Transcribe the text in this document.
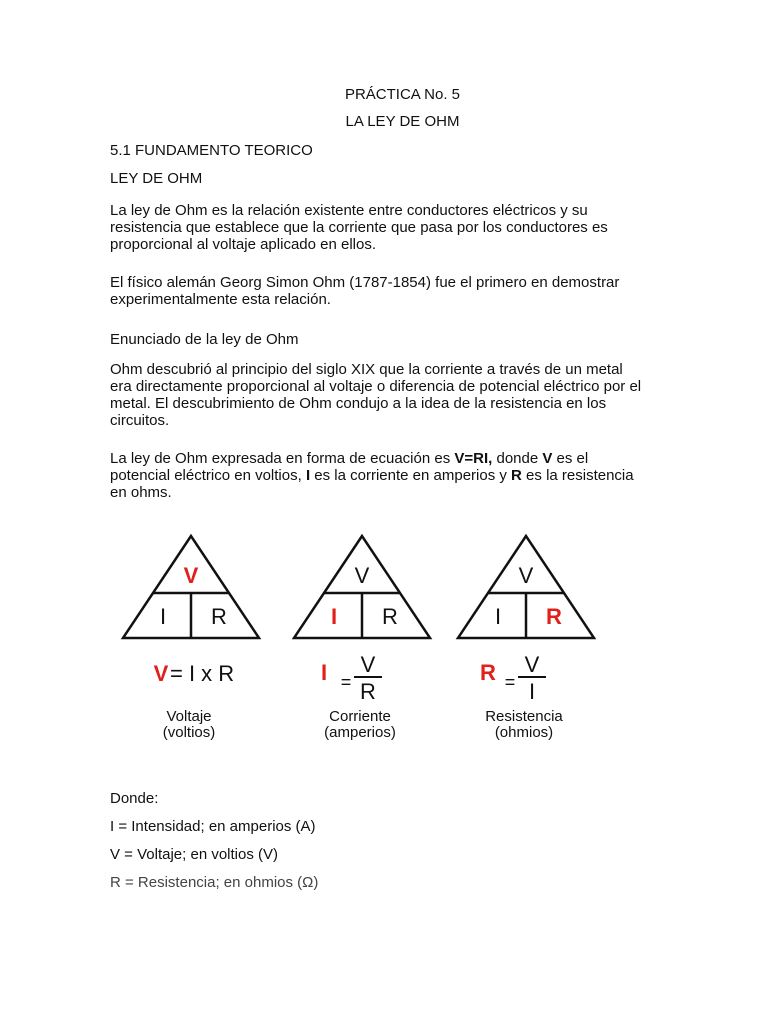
PRÁCTICA No. 5

LA LEY DE OHM

5.1 FUNDAMENTO TEORICO

LEY DE OHM

La ley de Ohm es la relación existente entre conductores eléctricos y su
resistencia que establece que la corriente que pasa por los conductores es
proporcional al voltaje aplicado en ellos.
El físico alemán Georg Simon Ohm (1787-1854) fue el primero en demostrar
experimentalmente esta relación.

Enunciado de la ley de Ohm

Ohm descubrió al principio del siglo XIX que la corriente a través de un metal
era directamente proporcional al voltaje o diferencia de potencial eléctrico por el
metal. El descubrimiento de Ohm condujo a la idea de la resistencia en los
circuitos.
La ley de Ohm expresada en forma de ecuación es V=RI, donde V es el
potencial eléctrico en voltios, I es la corriente en amperios y R es la resistencia
en ohms.
V
I R
V = I x R
Voltaje
(voltios)
V
I R
I =
V
R
Corriente
(amperios)
V
I R
R =
V
I
Resistencia
(ohmios)

Donde:

I = Intensidad; en amperios (A)

V = Voltaje; en voltios (V)

R = Resistencia; en ohmios (Ω)
